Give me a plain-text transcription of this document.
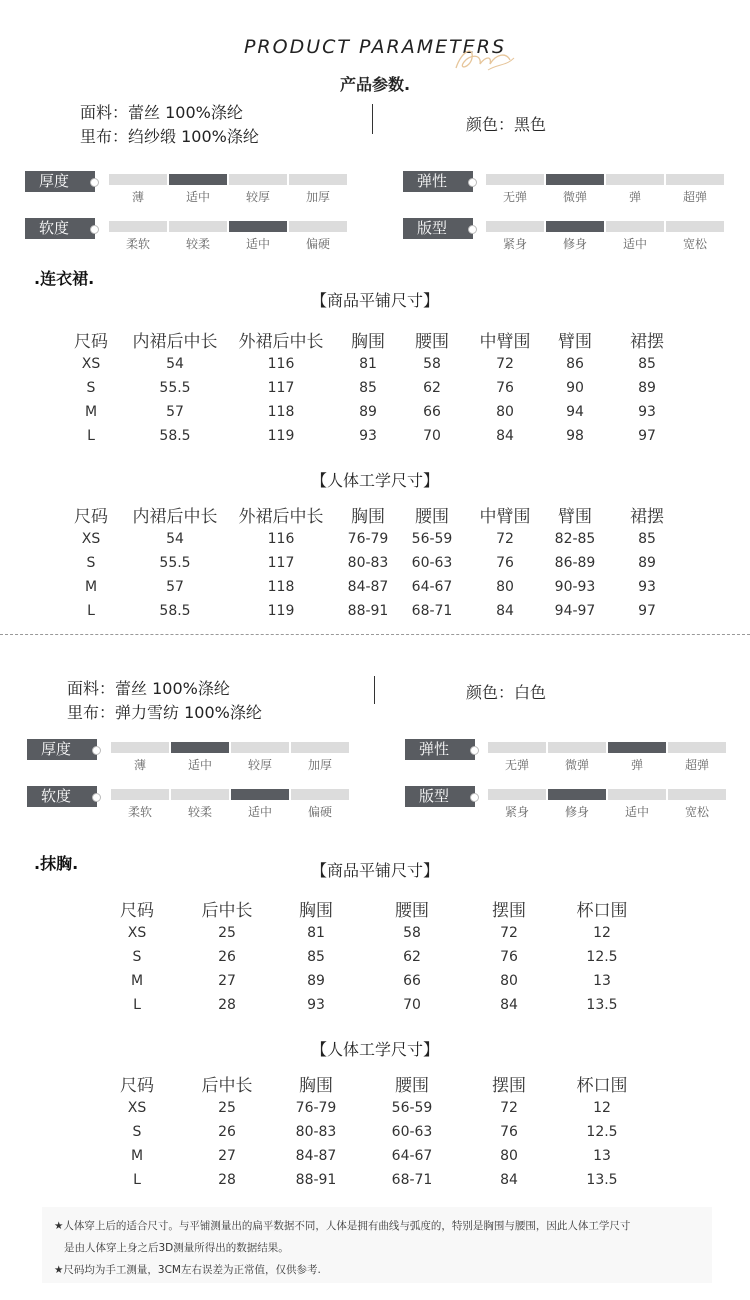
PRODUCT PARAMETERS
产品参数.
面料：蕾丝 100%涤纶
里布：绉纱缎 100%涤纶
颜色：黑色
厚度
薄	适中	较厚	加厚
弹性
无弹	微弹	弹	超弹
软度
柔软	较柔	适中	偏硬
版型
紧身	修身	适中	宽松
.连衣裙.
【商品平铺尺寸】
尺码	内裙后中长	外裙后中长	胸围	腰围	中臂围	臂围	裙摆
XS	54	116	81	58	72	86	85
S	55.5	117	85	62	76	90	89
M	57	118	89	66	80	94	93
L	58.5	119	93	70	84	98	97
【人体工学尺寸】
尺码	内裙后中长	外裙后中长	胸围	腰围	中臂围	臂围	裙摆
XS	54	116	76-79	56-59	72	82-85	85
S	55.5	117	80-83	60-63	76	86-89	89
M	57	118	84-87	64-67	80	90-93	93
L	58.5	119	88-91	68-71	84	94-97	97
面料：蕾丝 100%涤纶
里布：弹力雪纺 100%涤纶
颜色：白色
厚度
薄	适中	较厚	加厚
弹性
无弹	微弹	弹	超弹
软度
柔软	较柔	适中	偏硬
版型
紧身	修身	适中	宽松
.抹胸.	【商品平铺尺寸】
尺码	后中长	胸围	腰围	摆围	杯口围
XS	25	81	58	72	12
S	26	85	62	76	12.5
M	27	89	66	80	13
L	28	93	70	84	13.5
【人体工学尺寸】
尺码	后中长	胸围	腰围	摆围	杯口围
XS	25	76-79	56-59	72	12
S	26	80-83	60-63	76	12.5
M	27	84-87	64-67	80	13
L	28	88-91	68-71	84	13.5
★人体穿上后的适合尺寸。与平铺测量出的扁平数据不同，人体是拥有曲线与弧度的，特别是胸围与腰围，因此人体工学尺寸
是由人体穿上身之后3D测量所得出的数据结果。
★尺码均为手工测量，3CM左右误差为正常值，仅供参考.
